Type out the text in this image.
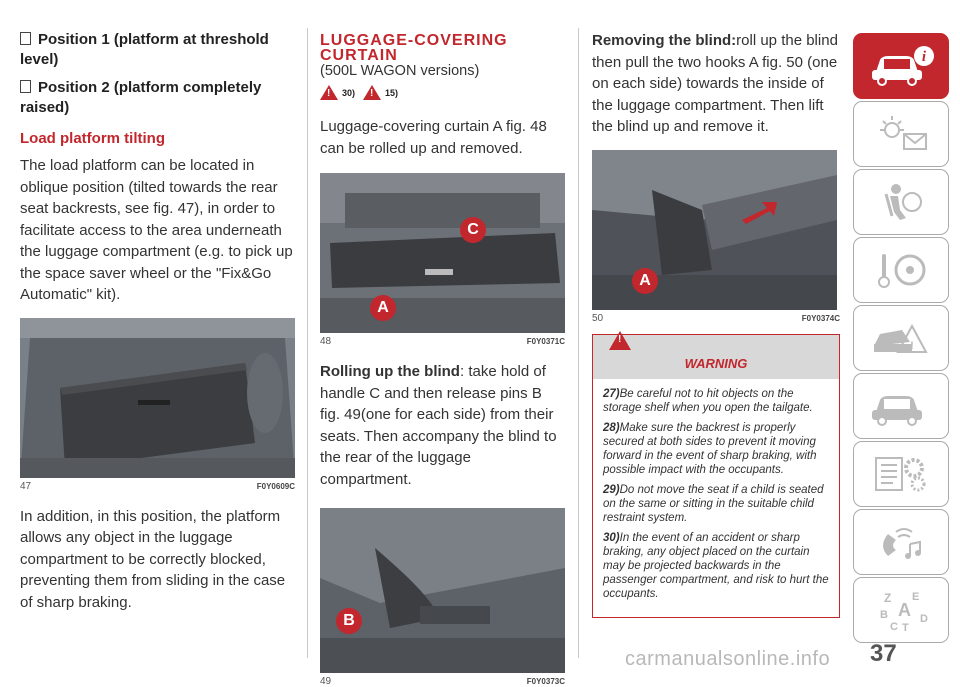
Position 1 (platform at threshold level)

Position 2 (platform completely raised)

Load platform tilting

The load platform can be located in oblique position (tilted towards the rear seat backrests, see fig. 47), in order to facilitate access to the area underneath the luggage compartment (e.g. to pick up the space saver wheel or the "Fix&Go Automatic" kit).

47	F0Y0609C

In addition, in this position, the platform allows any object in the luggage compartment to be correctly blocked, preventing them from sliding in the case of sharp braking.

LUGGAGE-COVERING

CURTAIN

(500L WAGON versions)

!
30)
!	15)

Luggage-covering curtain A fig. 48 can be rolled up and removed.

C
A
48	F0Y0371C

Rolling up the blind: take hold of handle C and then release pins B fig. 49(one for each side) from their seats. Then accompany the blind to the rear of the luggage compartment.

B
49	F0Y0373C

Removing the blind:roll up the blind then pull the two hooks A fig. 50 (one on each side) towards the inside of the luggage compartment. Then lift the blind up and remove it.

A
50	F0Y0374C
!
WARNING

27)Be careful not to hit objects on the storage shelf when you open the tailgate.

28)Make sure the backrest is properly secured at both sides to prevent it moving forward in the event of sharp braking, with possible impact with the occupants.

29)Do not move the seat if a child is seated on the same or sitting in the suitable child restraint system.

30)In the event of an accident or sharp braking, any object placed on the curtain may be projected backwards in the passenger compartment, and risk to hurt the occupants.

i
!
Z E
A
B	D
C T
37
carmanualsonline.info
